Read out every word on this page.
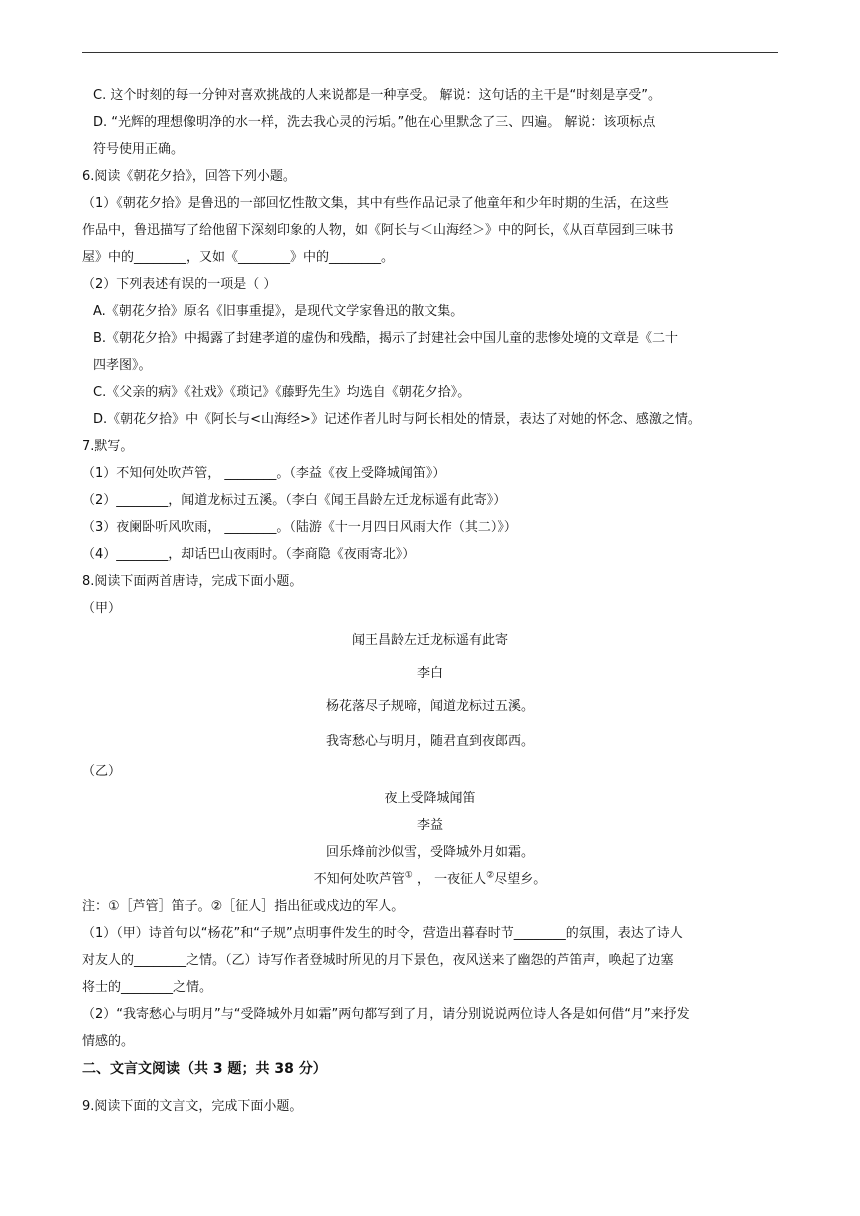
C. 这个时刻的每一分钟对喜欢挑战的人来说都是一种享受。 解说：这句话的主干是“时刻是享受”。
D. “光辉的理想像明净的水一样，洗去我心灵的污垢。”他在心里默念了三、四遍。 解说：该项标点
符号使用正确。
6.阅读《朝花夕拾》，回答下列小题。
（1）《朝花夕拾》是鲁迅的一部回忆性散文集，其中有些作品记录了他童年和少年时期的生活，在这些
作品中，鲁迅描写了给他留下深刻印象的人物，如《阿长与＜山海经＞》中的阿长，《从百草园到三味书
屋》中的________，又如《________》中的________。
（2）下列表述有误的一项是（ ）
A.《朝花夕拾》原名《旧事重提》，是现代文学家鲁迅的散文集。
B.《朝花夕拾》中揭露了封建孝道的虚伪和残酷，揭示了封建社会中国儿童的悲惨处境的文章是《二十
四孝图》。
C.《父亲的病》《社戏》《琐记》《藤野先生》均选自《朝花夕拾》。
D.《朝花夕拾》中《阿长与<山海经>》记述作者儿时与阿长相处的情景，表达了对她的怀念、感激之情。
7.默写。
（1）不知何处吹芦管， ________。（李益《夜上受降城闻笛》）
（2）________，闻道龙标过五溪。（李白《闻王昌龄左迁龙标遥有此寄》）
（3）夜阑卧听风吹雨， ________。（陆游《十一月四日风雨大作（其二）》）
（4）________，却话巴山夜雨时。（李商隐《夜雨寄北》）
8.阅读下面两首唐诗，完成下面小题。
（甲）
闻王昌龄左迁龙标遥有此寄
李白
杨花落尽子规啼，闻道龙标过五溪。
我寄愁心与明月，随君直到夜郎西。
（乙）
夜上受降城闻笛
李益
回乐烽前沙似雪，受降城外月如霜。
不知何处吹芦管① ， 一夜征人②尽望乡。
注：①［芦管］笛子。②［征人］指出征或戍边的军人。
（1）（甲）诗首句以“杨花”和“子规”点明事件发生的时令，营造出暮春时节________的氛围，表达了诗人
对友人的________之情。（乙）诗写作者登城时所见的月下景色，夜风送来了幽怨的芦笛声，唤起了边塞
将士的________之情。
（2）“我寄愁心与明月”与“受降城外月如霜”两句都写到了月，请分别说说两位诗人各是如何借“月”来抒发
情感的。
二、文言文阅读（共 3 题；共 38 分）
9.阅读下面的文言文，完成下面小题。
